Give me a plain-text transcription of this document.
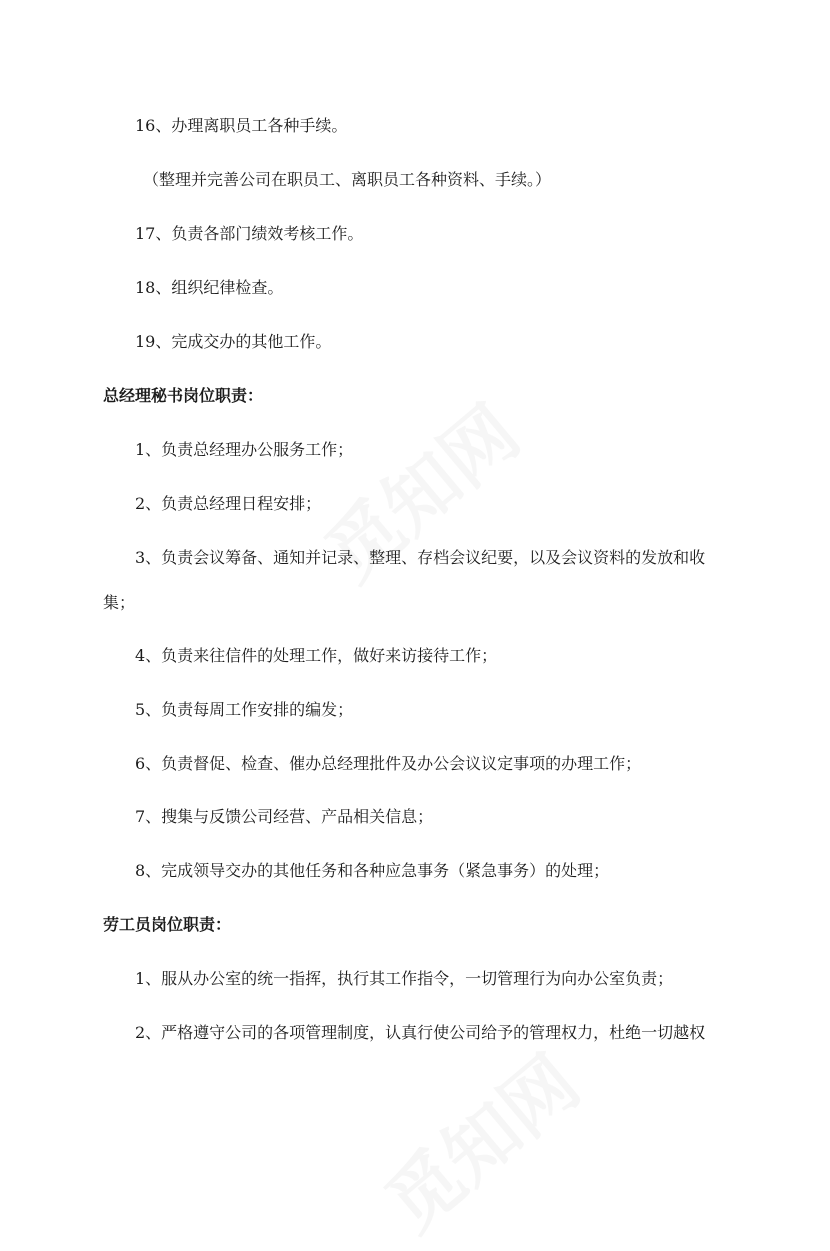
16、办理离职员工各种手续。
（整理并完善公司在职员工、离职员工各种资料、手续。）
17、负责各部门绩效考核工作。
18、组织纪律检查。
19、完成交办的其他工作。
总经理秘书岗位职责：
1、负责总经理办公服务工作；
2、负责总经理日程安排；
3、负责会议筹备、通知并记录、整理、存档会议纪要，以及会议资料的发放和收
集；
4、负责来往信件的处理工作，做好来访接待工作；
5、负责每周工作安排的编发；
6、负责督促、检查、催办总经理批件及办公会议议定事项的办理工作；
7、搜集与反馈公司经营、产品相关信息；
8、完成领导交办的其他任务和各种应急事务（紧急事务）的处理；
劳工员岗位职责：
1、服从办公室的统一指挥，执行其工作指令，一切管理行为向办公室负责；
2、严格遵守公司的各项管理制度，认真行使公司给予的管理权力，杜绝一切越权
